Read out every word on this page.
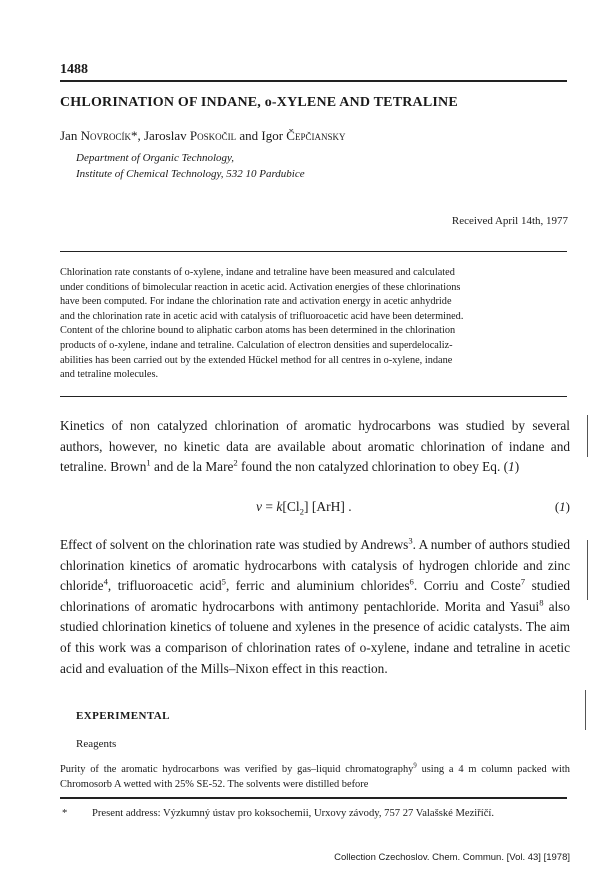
1488
CHLORINATION OF INDANE, o-XYLENE AND TETRALINE
Jan Novrocík*, Jaroslav Poskočil and Igor Čepčiansky
Department of Organic Technology,
Institute of Chemical Technology, 532 10 Pardubice
Received April 14th, 1977
Chlorination rate constants of o-xylene, indane and tetraline have been measured and calculated
under conditions of bimolecular reaction in acetic acid. Activation energies of these chlorinations
have been computed. For indane the chlorination rate and activation energy in acetic anhydride
and the chlorination rate in acetic acid with catalysis of trifluoroacetic acid have been determined.
Content of the chlorine bound to aliphatic carbon atoms has been determined in the chlorination
products of o-xylene, indane and tetraline. Calculation of electron densities and superdelocaliz-
abilities has been carried out by the extended Hückel method for all centres in o-xylene, indane
and tetraline molecules.
Kinetics of non catalyzed chlorination of aromatic hydrocarbons was studied by several authors, however, no kinetic data are available about aromatic chlorination of indane and tetraline. Brown$^1$ and de la Mare$^2$ found the non catalyzed chlorination to obey Eq. (1)
$v = k[Cl_2]$ [ArH] .	(1)
Effect of solvent on the chlorination rate was studied by Andrews$^3$. A number of authors studied chlorination kinetics of aromatic hydrocarbons with catalysis of hydrogen chloride and zinc chloride$^4$, trifluoroacetic acid$^5$, ferric and aluminium chlorides$^6$. Corriu and Coste$^7$ studied chlorinations of aromatic hydrocarbons with antimony pentachloride. Morita and Yasui$^8$ also studied chlorination kinetics of toluene and xylenes in the presence of acidic catalysts. The aim of this work was a comparison of chlorination rates of o-xylene, indane and tetraline in acetic acid and evaluation of the Mills–Nixon effect in this reaction.
EXPERIMENTAL
Reagents
Purity of the aromatic hydrocarbons was verified by gas–liquid chromatography$^9$ using a 4 m column packed with Chromosorb A wetted with 25% SE-52. The solvents were distilled before
* Present address: Výzkumný ústav pro koksochemii, Urxovy závody, 757 27 Valašské Meziříčí.
Collection Czechoslov. Chem. Commun. [Vol. 43] [1978]
